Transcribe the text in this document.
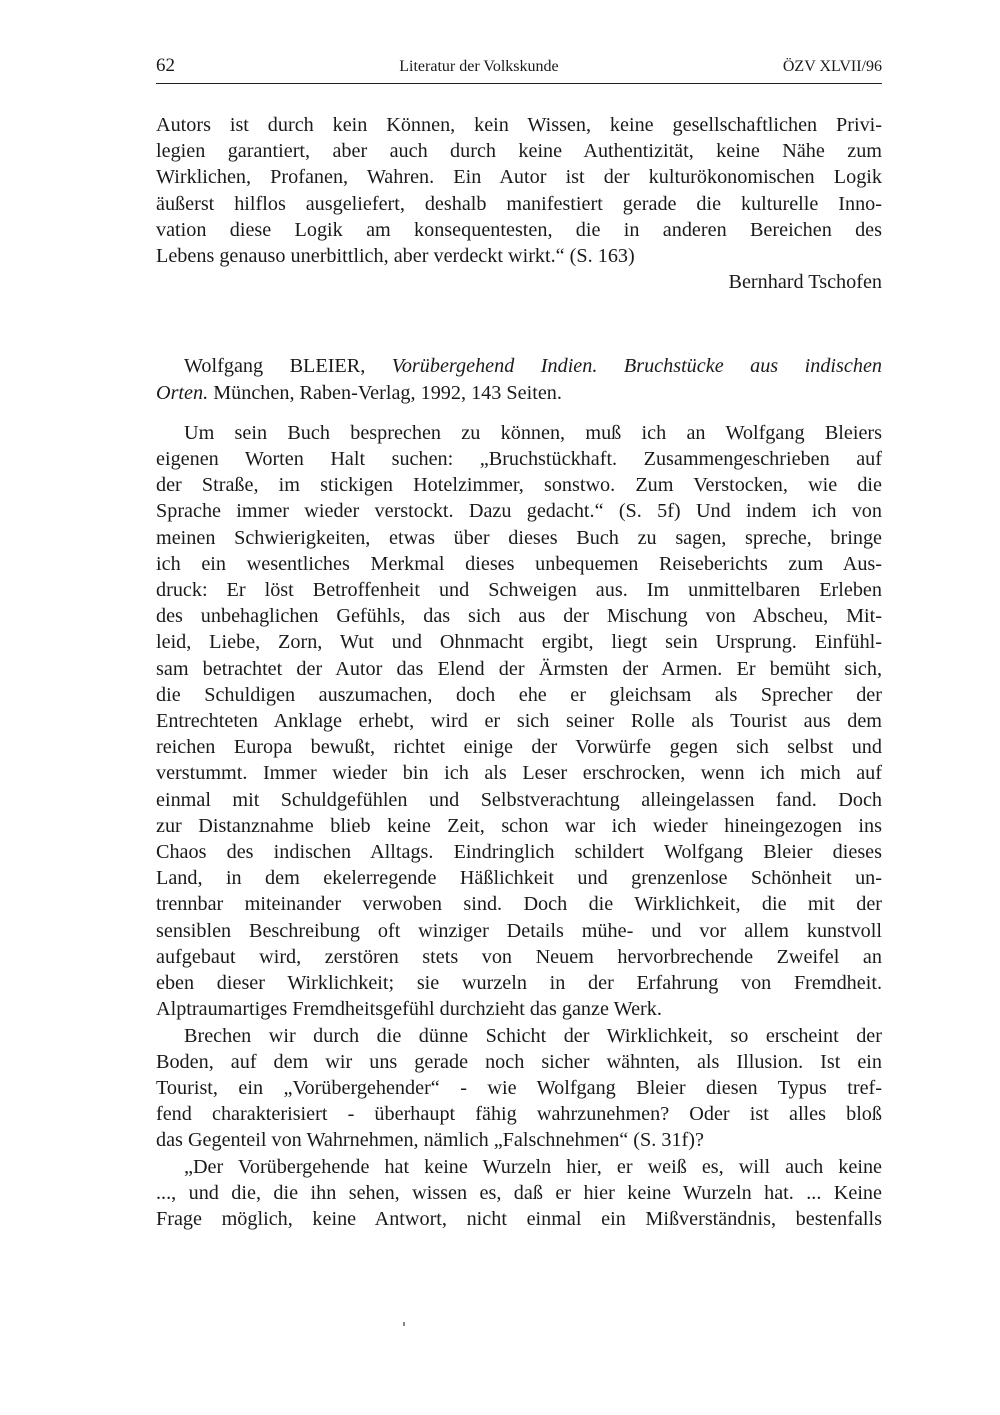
62	Literatur der Volkskunde	ÖZV XLVII/96
Autors ist durch kein Können, kein Wissen, keine gesellschaftlichen Privi-
legien garantiert, aber auch durch keine Authentizität, keine Nähe zum
Wirklichen, Profanen, Wahren. Ein Autor ist der kulturökonomischen Logik
äußerst hilflos ausgeliefert, deshalb manifestiert gerade die kulturelle Inno-
vation diese Logik am konsequentesten, die in anderen Bereichen des
Lebens genauso unerbittlich, aber verdeckt wirkt.“ (S. 163)
Bernhard Tschofen
Wolfgang BLEIER, Vorübergehend Indien. Bruchstücke aus indischen
Orten. München, Raben-Verlag, 1992, 143 Seiten.
Um sein Buch besprechen zu können, muß ich an Wolfgang Bleiers
eigenen Worten Halt suchen: „Bruchstückhaft. Zusammengeschrieben auf
der Straße, im stickigen Hotelzimmer, sonstwo. Zum Verstocken, wie die
Sprache immer wieder verstockt. Dazu gedacht.“ (S. 5f) Und indem ich von
meinen Schwierigkeiten, etwas über dieses Buch zu sagen, spreche, bringe
ich ein wesentliches Merkmal dieses unbequemen Reiseberichts zum Aus-
druck: Er löst Betroffenheit und Schweigen aus. Im unmittelbaren Erleben
des unbehaglichen Gefühls, das sich aus der Mischung von Abscheu, Mit-
leid, Liebe, Zorn, Wut und Ohnmacht ergibt, liegt sein Ursprung. Einfühl-
sam betrachtet der Autor das Elend der Ärmsten der Armen. Er bemüht sich,
die Schuldigen auszumachen, doch ehe er gleichsam als Sprecher der
Entrechteten Anklage erhebt, wird er sich seiner Rolle als Tourist aus dem
reichen Europa bewußt, richtet einige der Vorwürfe gegen sich selbst und
verstummt. Immer wieder bin ich als Leser erschrocken, wenn ich mich auf
einmal mit Schuldgefühlen und Selbstverachtung alleingelassen fand. Doch
zur Distanznahme blieb keine Zeit, schon war ich wieder hineingezogen ins
Chaos des indischen Alltags. Eindringlich schildert Wolfgang Bleier dieses
Land, in dem ekelerregende Häßlichkeit und grenzenlose Schönheit un-
trennbar miteinander verwoben sind. Doch die Wirklichkeit, die mit der
sensiblen Beschreibung oft winziger Details mühe- und vor allem kunstvoll
aufgebaut wird, zerstören stets von Neuem hervorbrechende Zweifel an
eben dieser Wirklichkeit; sie wurzeln in der Erfahrung von Fremdheit.
Alptraumartiges Fremdheitsgefühl durchzieht das ganze Werk.
Brechen wir durch die dünne Schicht der Wirklichkeit, so erscheint der
Boden, auf dem wir uns gerade noch sicher wähnten, als Illusion. Ist ein
Tourist, ein „Vorübergehender“ - wie Wolfgang Bleier diesen Typus tref-
fend charakterisiert - überhaupt fähig wahrzunehmen? Oder ist alles bloß
das Gegenteil von Wahrnehmen, nämlich „Falschnehmen“ (S. 31f)?
„Der Vorübergehende hat keine Wurzeln hier, er weiß es, will auch keine
..., und die, die ihn sehen, wissen es, daß er hier keine Wurzeln hat. ... Keine
Frage möglich, keine Antwort, nicht einmal ein Mißverständnis, bestenfalls
